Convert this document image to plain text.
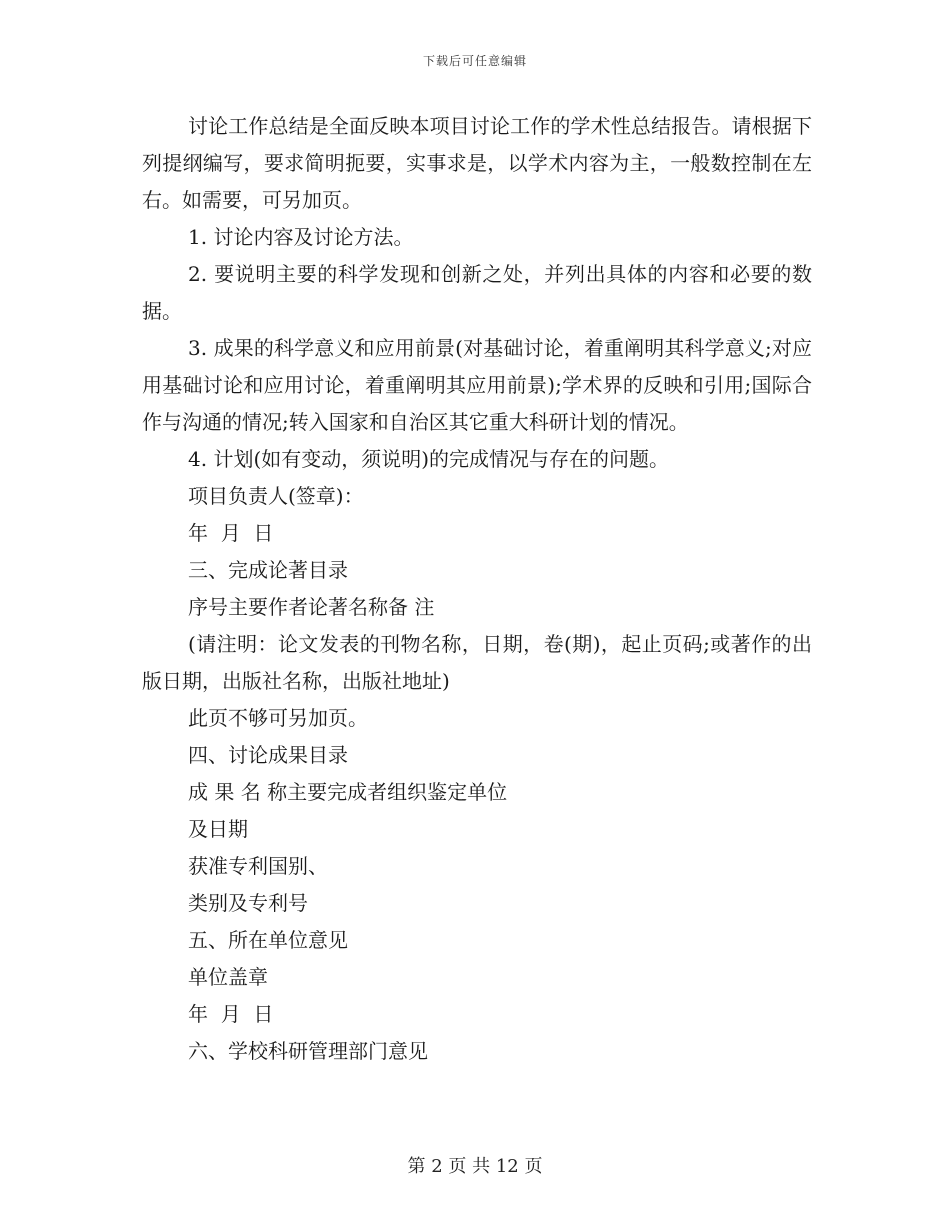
下载后可任意编辑

讨论工作总结是全面反映本项目讨论工作的学术性总结报告。请根据下列提纲编写，要求简明扼要，实事求是，以学术内容为主，一般数控制在左右。如需要，可另加页。

1. 讨论内容及讨论方法。

2. 要说明主要的科学发现和创新之处，并列出具体的内容和必要的数据。

3. 成果的科学意义和应用前景(对基础讨论，着重阐明其科学意义;对应用基础讨论和应用讨论，着重阐明其应用前景);学术界的反映和引用;国际合作与沟通的情况;转入国家和自治区其它重大科研计划的情况。

4. 计划(如有变动，须说明)的完成情况与存在的问题。

项目负责人(签章)：

年  月  日

三、完成论著目录

序号主要作者论著名称备 注

(请注明：论文发表的刊物名称，日期，卷(期)，起止页码;或著作的出版日期，出版社名称，出版社地址)

此页不够可另加页。

四、讨论成果目录

成 果 名 称主要完成者组织鉴定单位

及日期

获准专利国别、

类别及专利号

五、所在单位意见

单位盖章

年  月  日

六、学校科研管理部门意见

第 2 页 共 12 页
